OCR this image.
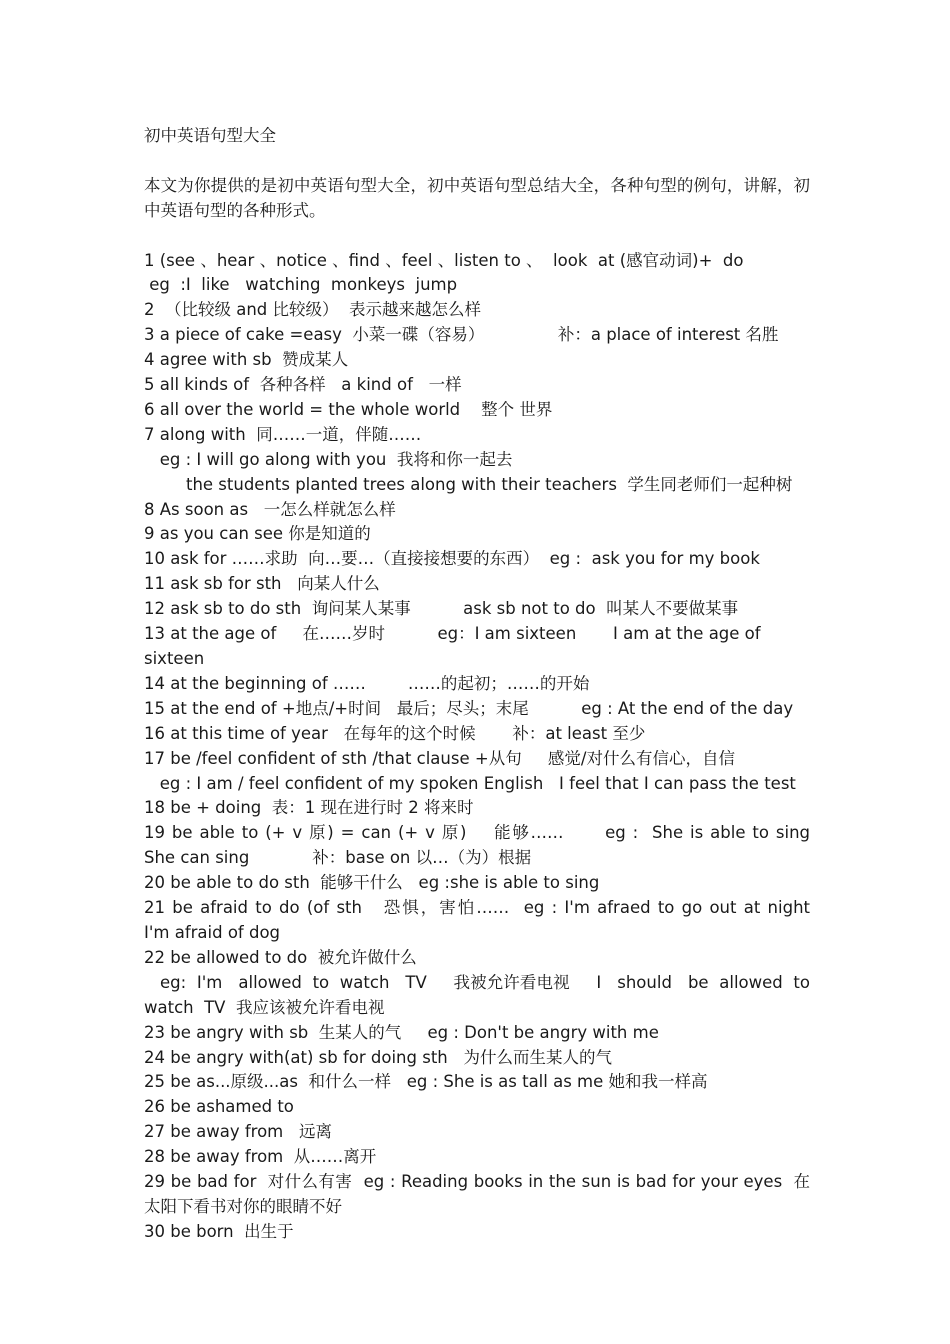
初中英语句型大全
本文为你提供的是初中英语句型大全，初中英语句型总结大全，各种句型的例句，讲解，初中英语句型的各种形式。
1 (see 、hear 、notice 、find 、feel 、listen to 、  look  at (感官动词)+  do
eg  :I  like   watching  monkeys  jump
2  （比较级 and 比较级）  表示越来越怎么样
3 a piece of cake =easy  小菜一碟（容易）              补：a place of interest 名胜
4 agree with sb  赞成某人
5 all kinds of  各种各样   a kind of   一样
6 all over the world = the whole world    整个 世界
7 along with  同……一道，伴随……
eg : I will go along with you  我将和你一起去
the students planted trees along with their teachers  学生同老师们一起种树
8 As soon as   一怎么样就怎么样
9 as you can see 你是知道的
10 ask for ……求助  向…要…（直接接想要的东西）  eg :  ask you for my book
11 ask sb for sth   向某人什么
12 ask sb to do sth  询问某人某事          ask sb not to do  叫某人不要做某事
13 at the age of     在……岁时          eg：I am sixteen       I am at the age of sixteen
14 at the beginning of ……        ……的起初；……的开始
15 at the end of +地点/+时间   最后；尽头；末尾          eg : At the end of the day
16 at this time of year   在每年的这个时候       补：at least 至少
17 be /feel confident of sth /that clause +从句     感觉/对什么有信心，自信
eg : I am / feel confident of my spoken English   I feel that I can pass the test
18 be + doing  表：1 现在进行时 2 将来时
19 be able to (+ v 原) = can (+ v 原)    能够……      eg :  She is able to sing          She can sing            补：base on 以…（为）根据
20 be able to do sth  能够干什么   eg :she is able to sing
21 be afraid to do (of sth   恐惧，害怕……  eg : I'm afraed to go out at night      I'm afraid of dog
22 be allowed to do  被允许做什么
eg:  I'm   allowed  to  watch   TV     我被允许看电视     I   should   be  allowed  to watch  TV  我应该被允许看电视
23 be angry with sb  生某人的气     eg : Don't be angry with me
24 be angry with(at) sb for doing sth   为什么而生某人的气
25 be as...原级...as  和什么一样   eg : She is as tall as me 她和我一样高
26 be ashamed to
27 be away from   远离
28 be away from  从……离开
29 be bad for  对什么有害  eg : Reading books in the sun is bad for your eyes  在太阳下看书对你的眼睛不好
30 be born  出生于
